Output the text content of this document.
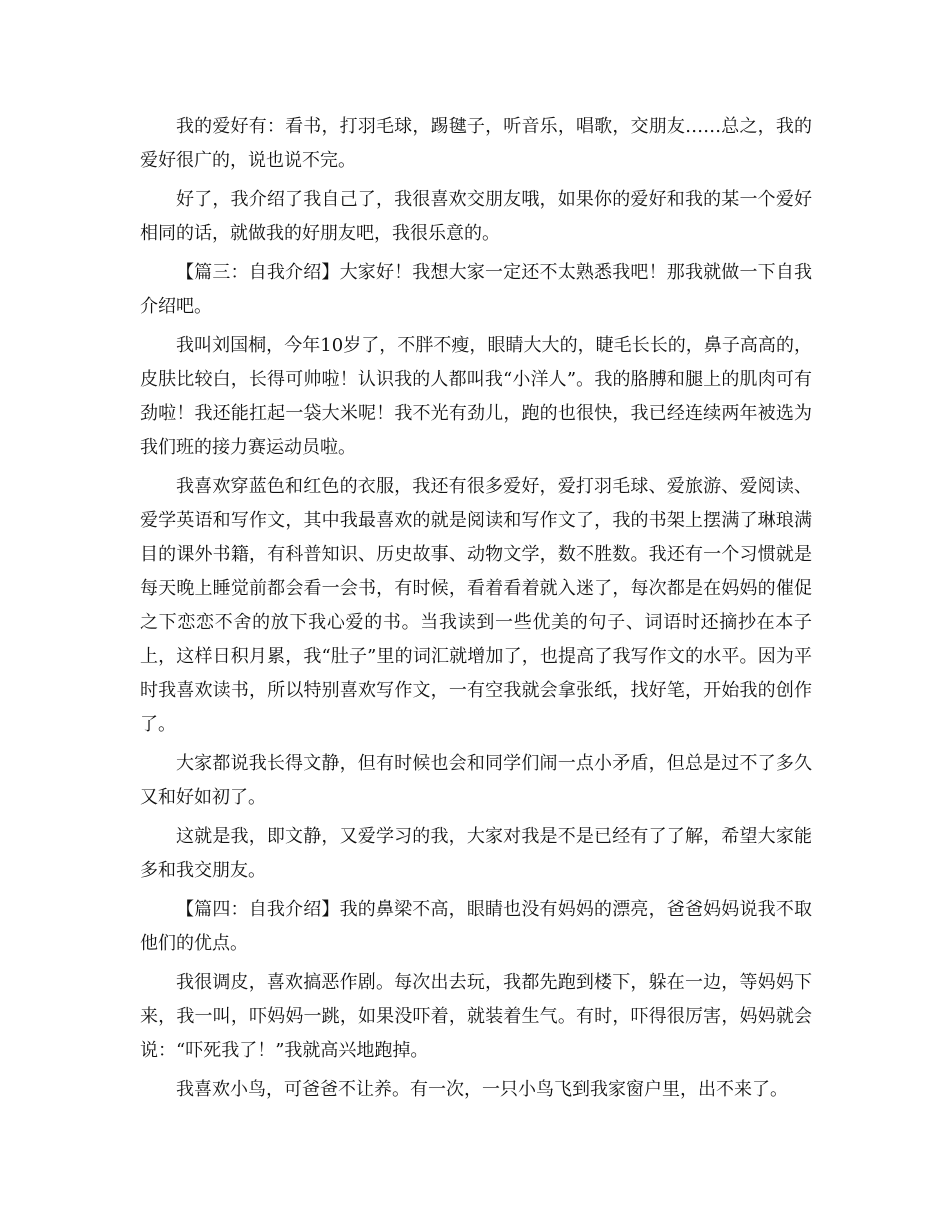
我的爱好有：看书，打羽毛球，踢毽子，听音乐，唱歌，交朋友……总之，我的爱好很广的，说也说不完。

好了，我介绍了我自己了，我很喜欢交朋友哦，如果你的爱好和我的某一个爱好相同的话，就做我的好朋友吧，我很乐意的。

【篇三：自我介绍】大家好！我想大家一定还不太熟悉我吧！那我就做一下自我介绍吧。

我叫刘国桐，今年10岁了，不胖不瘦，眼睛大大的，睫毛长长的，鼻子高高的，皮肤比较白，长得可帅啦！认识我的人都叫我“小洋人”。我的胳膊和腿上的肌肉可有劲啦！我还能扛起一袋大米呢！我不光有劲儿，跑的也很快，我已经连续两年被选为我们班的接力赛运动员啦。

我喜欢穿蓝色和红色的衣服，我还有很多爱好，爱打羽毛球、爱旅游、爱阅读、爱学英语和写作文，其中我最喜欢的就是阅读和写作文了，我的书架上摆满了琳琅满目的课外书籍，有科普知识、历史故事、动物文学，数不胜数。我还有一个习惯就是每天晚上睡觉前都会看一会书，有时候，看着看着就入迷了，每次都是在妈妈的催促之下恋恋不舍的放下我心爱的书。当我读到一些优美的句子、词语时还摘抄在本子上，这样日积月累，我“肚子”里的词汇就增加了，也提高了我写作文的水平。因为平时我喜欢读书，所以特别喜欢写作文，一有空我就会拿张纸，找好笔，开始我的创作了。

大家都说我长得文静，但有时候也会和同学们闹一点小矛盾，但总是过不了多久又和好如初了。

这就是我，即文静，又爱学习的我，大家对我是不是已经有了了解，希望大家能多和我交朋友。

【篇四：自我介绍】我的鼻梁不高，眼睛也没有妈妈的漂亮，爸爸妈妈说我不取他们的优点。

我很调皮，喜欢搞恶作剧。每次出去玩，我都先跑到楼下，躲在一边，等妈妈下来，我一叫，吓妈妈一跳，如果没吓着，就装着生气。有时，吓得很厉害，妈妈就会说：“吓死我了！”我就高兴地跑掉。

我喜欢小鸟，可爸爸不让养。有一次，一只小鸟飞到我家窗户里，出不来了。
